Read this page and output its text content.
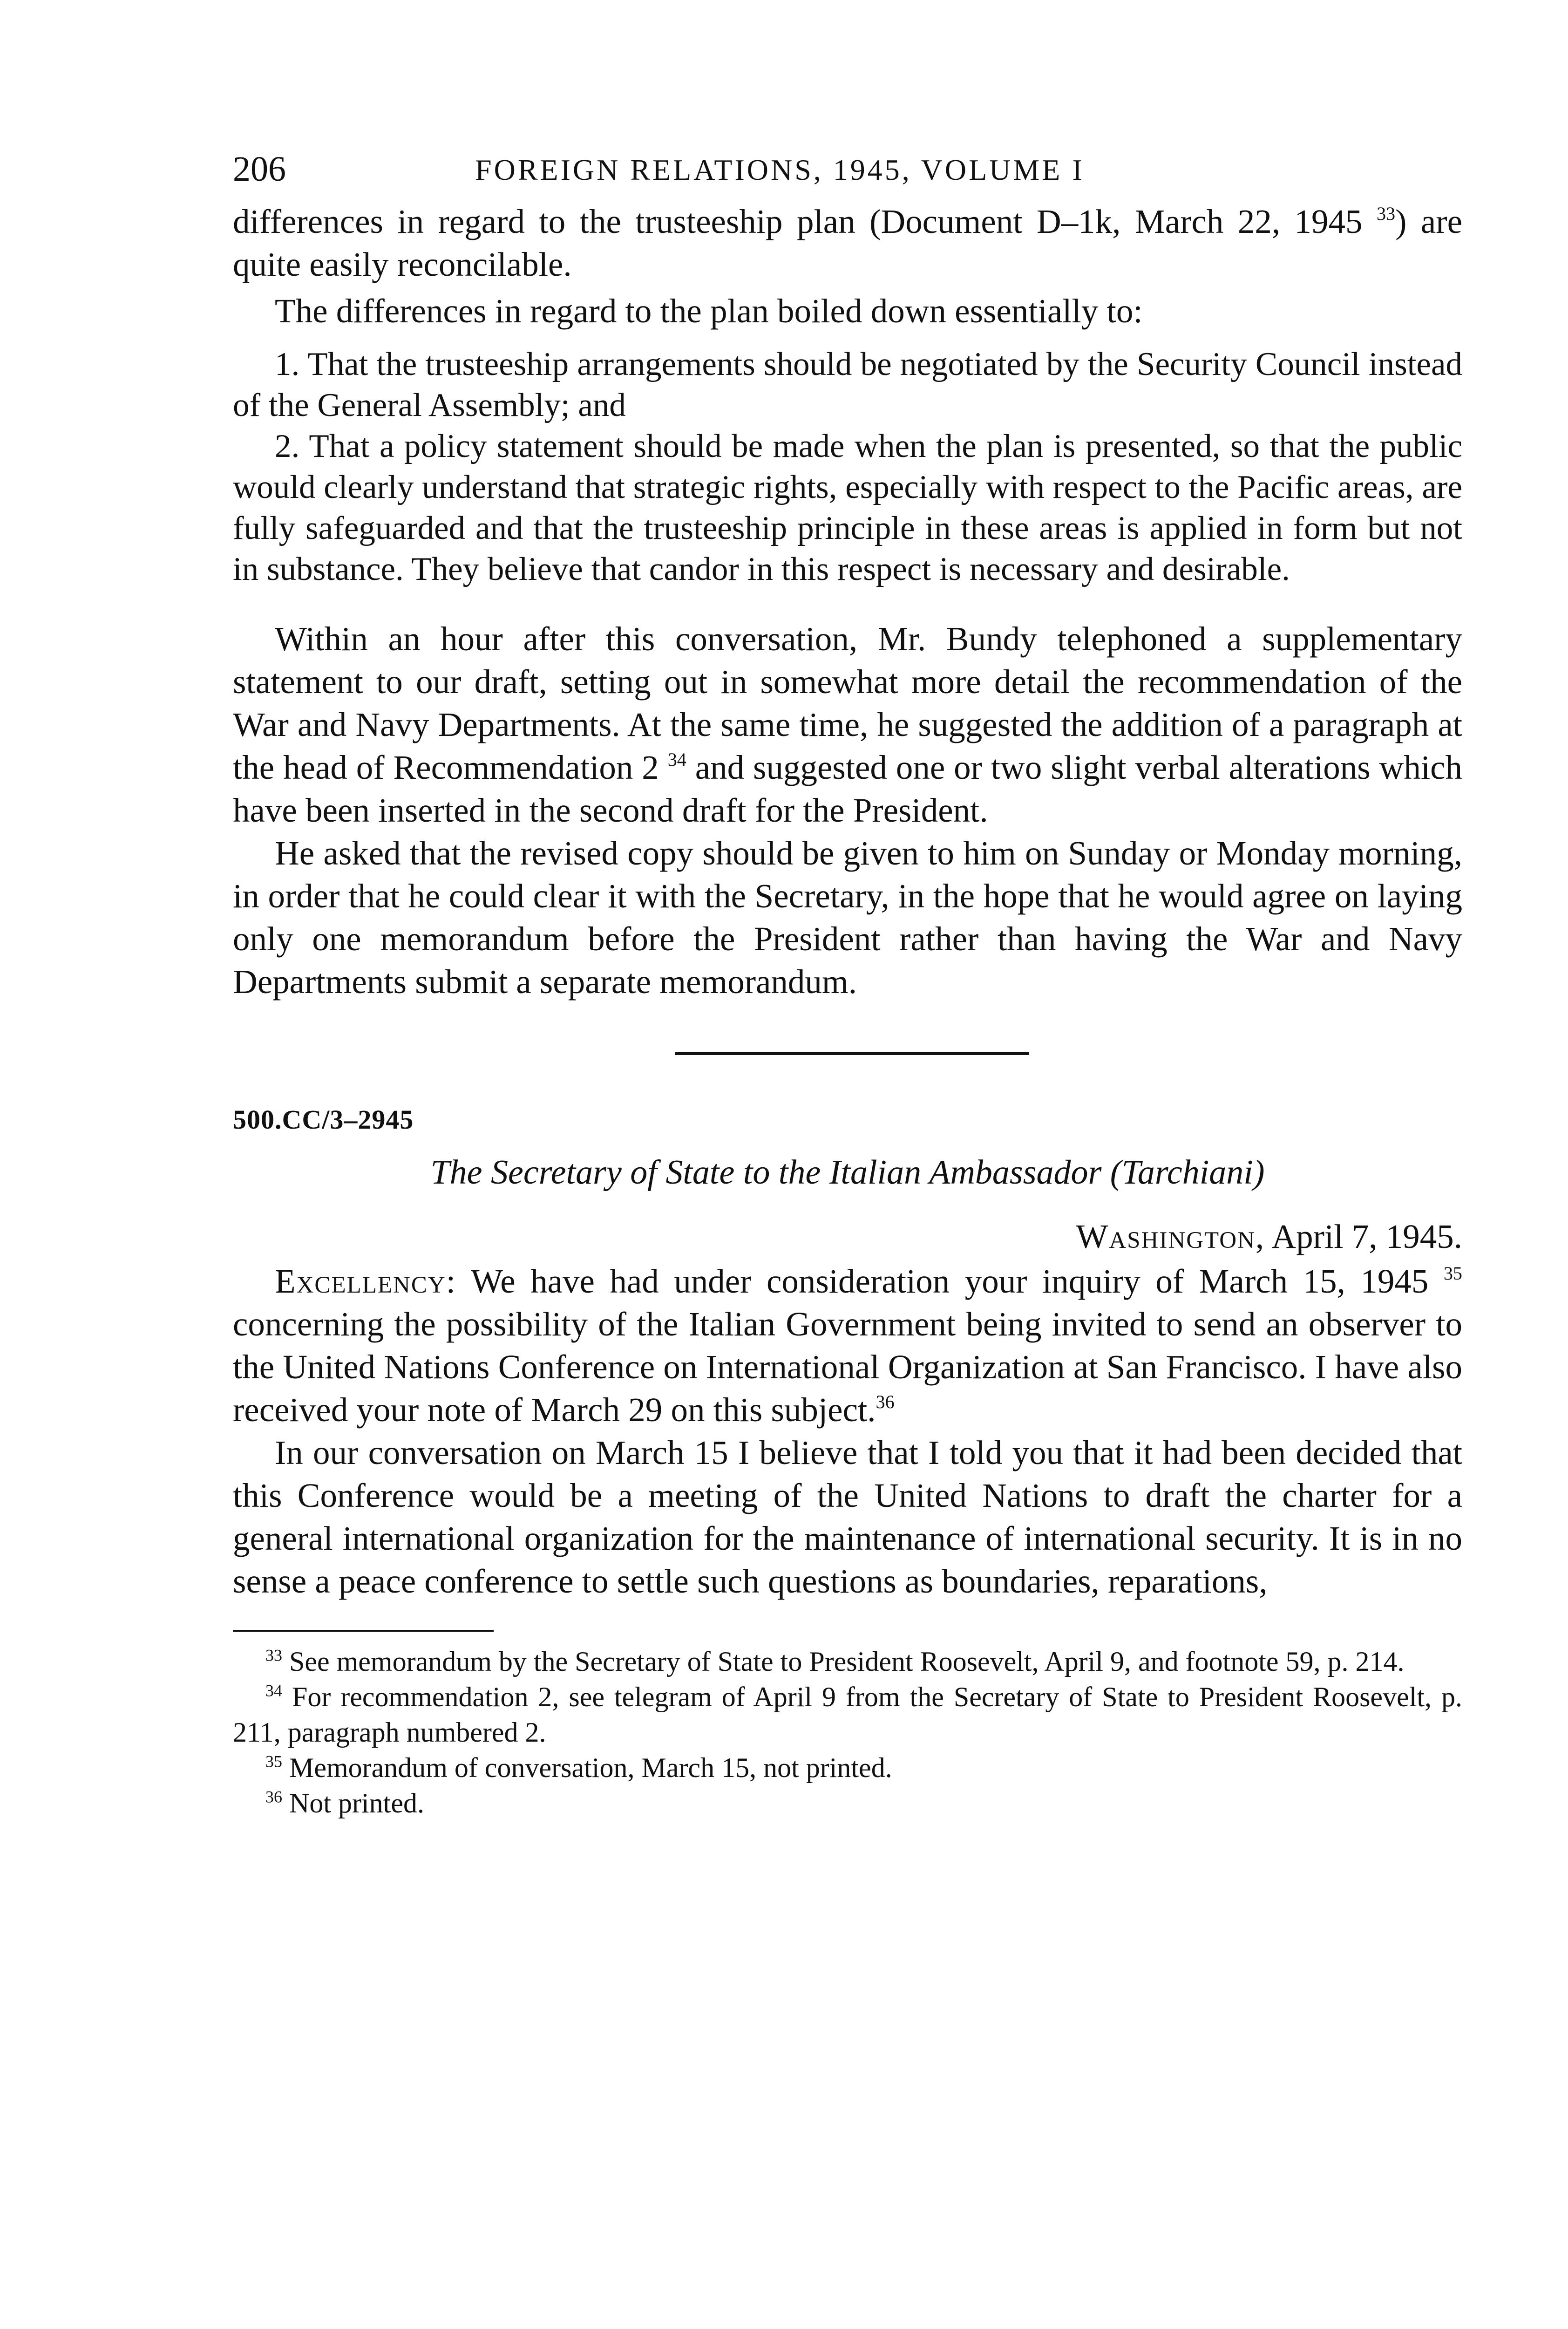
206	FOREIGN RELATIONS, 1945, VOLUME I

differences in regard to the trusteeship plan (Document D–1k, March 22, 1945 $^{33}$) are quite easily reconcilable.

The differences in regard to the plan boiled down essentially to:

1. That the trusteeship arrangements should be negotiated by the Security Council instead of the General Assembly; and

2. That a policy statement should be made when the plan is presented, so that the public would clearly understand that strategic rights, especially with respect to the Pacific areas, are fully safeguarded and that the trusteeship principle in these areas is applied in form but not in substance. They believe that candor in this respect is necessary and desirable.

Within an hour after this conversation, Mr. Bundy telephoned a supplementary statement to our draft, setting out in somewhat more detail the recommendation of the War and Navy Departments. At the same time, he suggested the addition of a paragraph at the head of Recommendation 2 $^{34}$ and suggested one or two slight verbal alterations which have been inserted in the second draft for the President.

He asked that the revised copy should be given to him on Sunday or Monday morning, in order that he could clear it with the Secretary, in the hope that he would agree on laying only one memorandum before the President rather than having the War and Navy Departments submit a separate memorandum.

500.CC/3–2945
The Secretary of State to the Italian Ambassador (Tarchiani)
Washington, April 7, 1945.

Excellency: We have had under consideration your inquiry of March 15, 1945 $^{35}$ concerning the possibility of the Italian Government being invited to send an observer to the United Nations Conference on International Organization at San Francisco. I have also received your note of March 29 on this subject.$^{36}$

In our conversation on March 15 I believe that I told you that it had been decided that this Conference would be a meeting of the United Nations to draft the charter for a general international organization for the maintenance of international security. It is in no sense a peace conference to settle such questions as boundaries, reparations,

$^{33}$ See memorandum by the Secretary of State to President Roosevelt, April 9, and footnote 59, p. 214.

$^{34}$ For recommendation 2, see telegram of April 9 from the Secretary of State to President Roosevelt, p. 211, paragraph numbered 2.

$^{35}$ Memorandum of conversation, March 15, not printed.

$^{36}$ Not printed.
